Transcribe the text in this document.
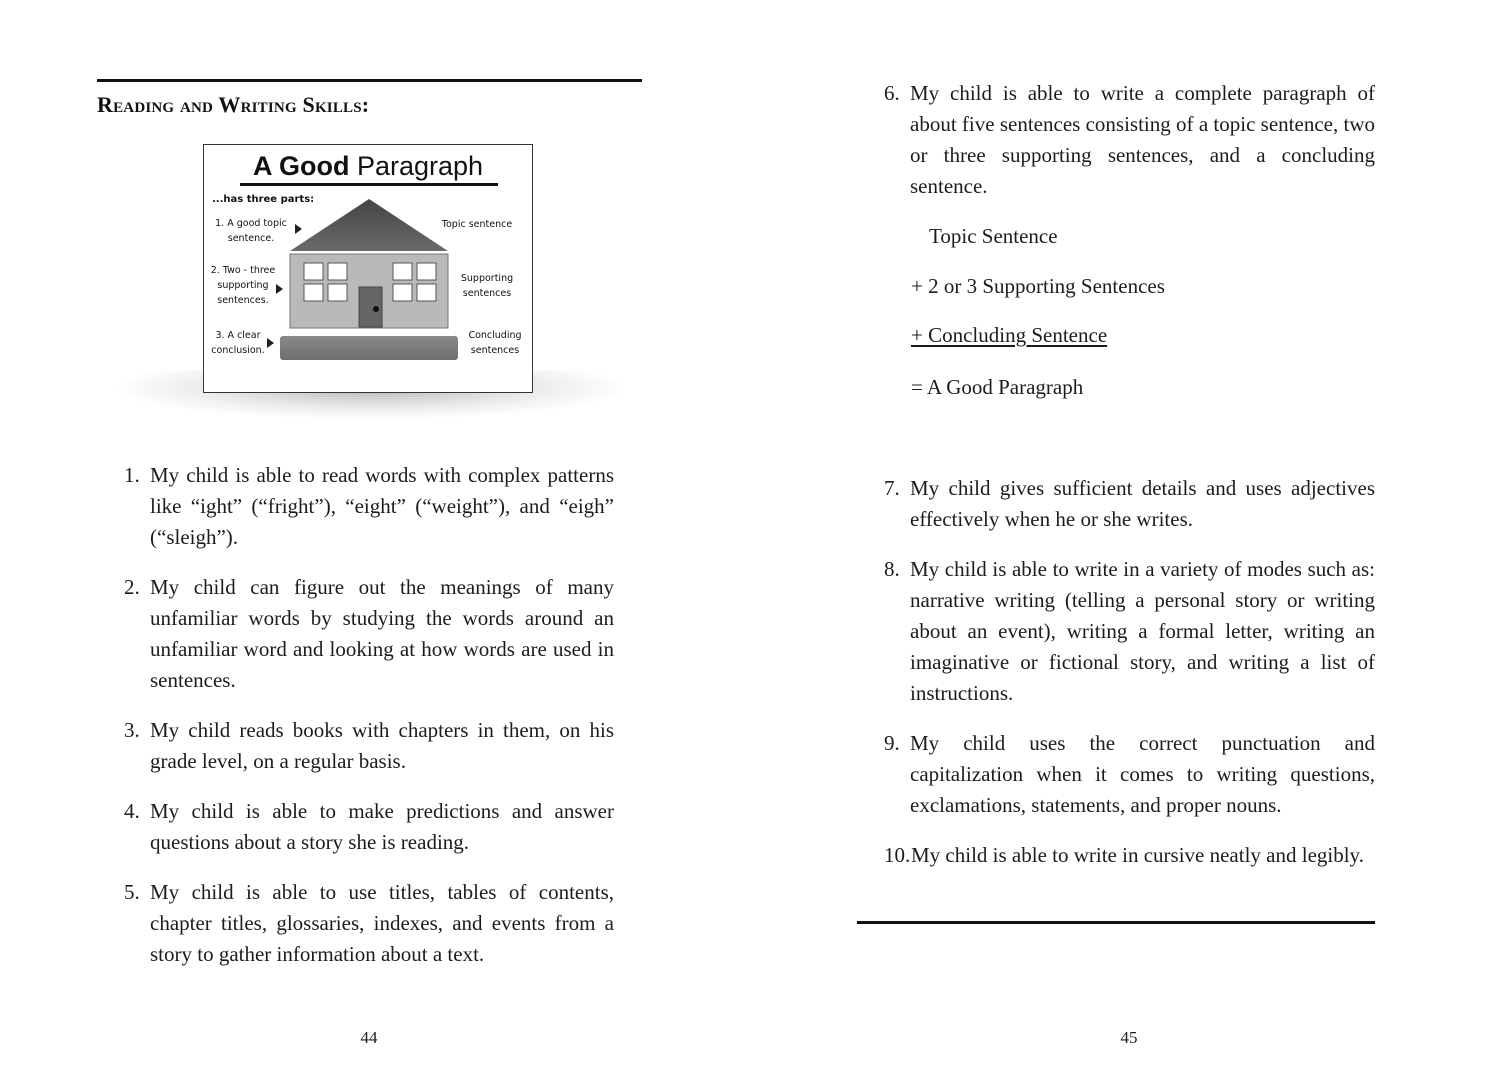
Reading and Writing Skills:

A Good Paragraph

...has three parts:
1. A good topic
sentence.
2. Two - three
supporting
sentences.
3. A clear
conclusion.
Topic sentence
Supporting
sentences
Concluding
sentences
1. My child is able to read words with complex patterns like “ight” (“fright”), “eight” (“weight”), and “eigh” (“sleigh”).
2. My child can figure out the meanings of many unfamiliar words by studying the words around an unfamiliar word and looking at how words are used in sentences.
3. My child reads books with chapters in them, on his grade level, on a regular basis.
4. My child is able to make predictions and answer questions about a story she is reading.
5. My child is able to use titles, tables of contents, chapter titles, glossaries, indexes, and events from a story to gather information about a text.
44
6. My child is able to write a complete paragraph of about five sentences consisting of a topic sentence, two or three supporting sentences, and a concluding sentence.

Topic Sentence

+ 2 or 3 Supporting Sentences

+ Concluding Sentence

= A Good Paragraph

7. My child gives sufficient details and uses adjectives effectively when he or she writes.
8. My child is able to write in a variety of modes such as: narrative writing (telling a personal story or writing about an event), writing a formal letter, writing an imaginative or fictional story, and writing a list of instructions.
9. My child uses the correct punctuation and capitalization when it comes to writing questions, exclamations, statements, and proper nouns.
10. My child is able to write in cursive neatly and legibly.
45
